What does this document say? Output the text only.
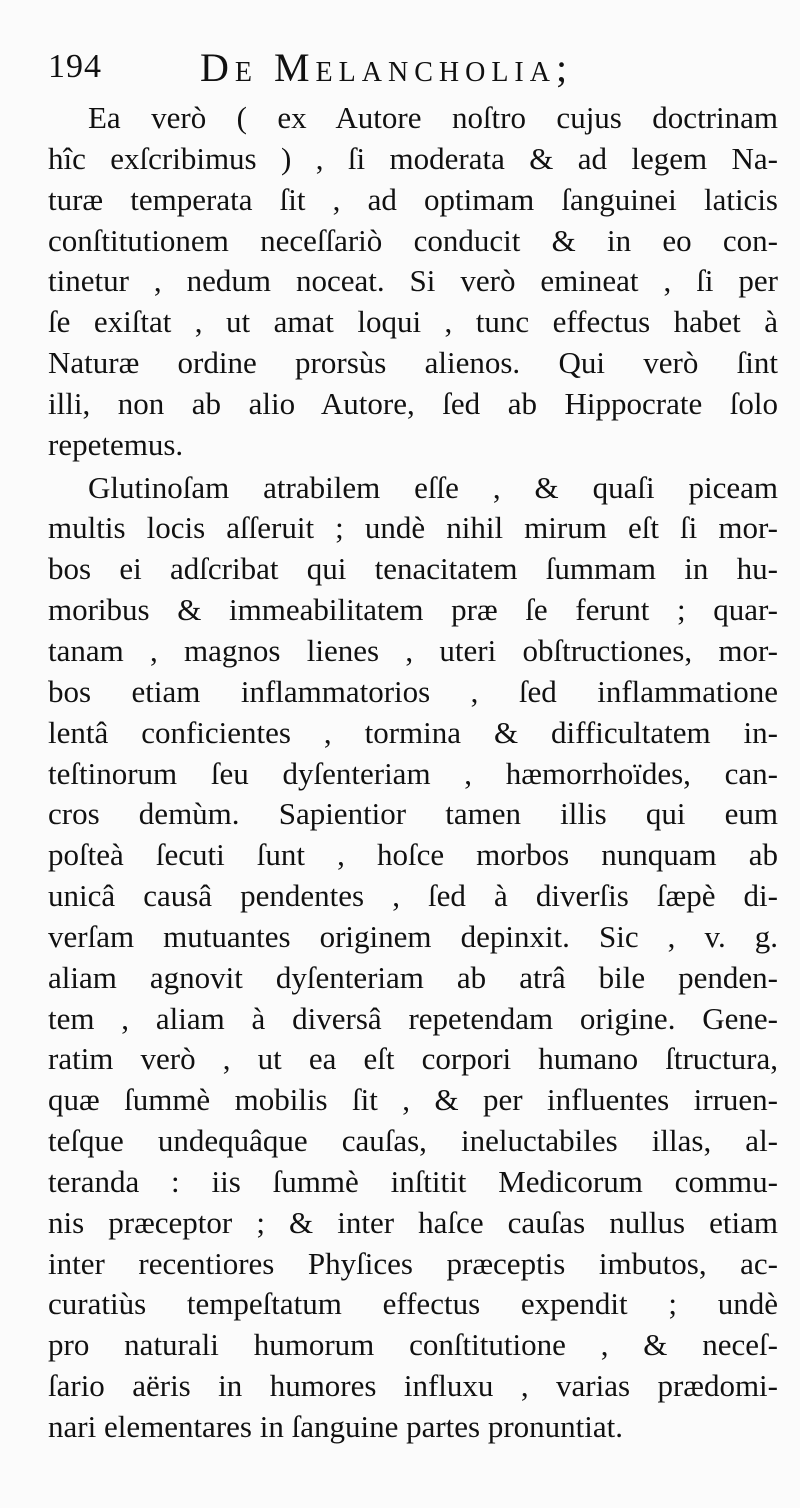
194 De Melancholia;
Ea verò ( ex Autore noſtro cujus doctrinam
hîc exſcribimus ) , ſi moderata & ad legem Na-
turæ temperata ſit , ad optimam ſanguinei laticis
conſtitutionem neceſſariò conducit & in eo con-
tinetur , nedum noceat. Si verò emineat , ſi per
ſe exiſtat , ut amat loqui , tunc effectus habet à
Naturæ ordine prorsùs alienos. Qui verò ſint
illi, non ab alio Autore, ſed ab Hippocrate ſolo
repetemus.
Glutinoſam atrabilem eſſe , & quaſi piceam
multis locis aſſeruit ; undè nihil mirum eſt ſi mor-
bos ei adſcribat qui tenacitatem ſummam in hu-
moribus & immeabilitatem præ ſe ferunt ; quar-
tanam , magnos lienes , uteri obſtructiones, mor-
bos etiam inflammatorios , ſed inflammatione
lentâ conficientes , tormina & difficultatem in-
teſtinorum ſeu dyſenteriam , hæmorrhoïdes, can-
cros demùm. Sapientior tamen illis qui eum
poſteà ſecuti ſunt , hoſce morbos nunquam ab
unicâ causâ pendentes , ſed à diverſis ſæpè di-
verſam mutuantes originem depinxit. Sic , v. g.
aliam agnovit dyſenteriam ab atrâ bile penden-
tem , aliam à diversâ repetendam origine. Gene-
ratim verò , ut ea eſt corpori humano ſtructura,
quæ ſummè mobilis ſit , & per influentes irruen-
teſque undequâque cauſas, ineluctabiles illas, al-
teranda : iis ſummè inſtitit Medicorum commu-
nis præceptor ; & inter haſce cauſas nullus etiam
inter recentiores Phyſices præceptis imbutos, ac-
curatiùs tempeſtatum effectus expendit ; undè
pro naturali humorum conſtitutione , & neceſ-
ſario aëris in humores influxu , varias prædomi-
nari elementares in ſanguine partes pronuntiat.
